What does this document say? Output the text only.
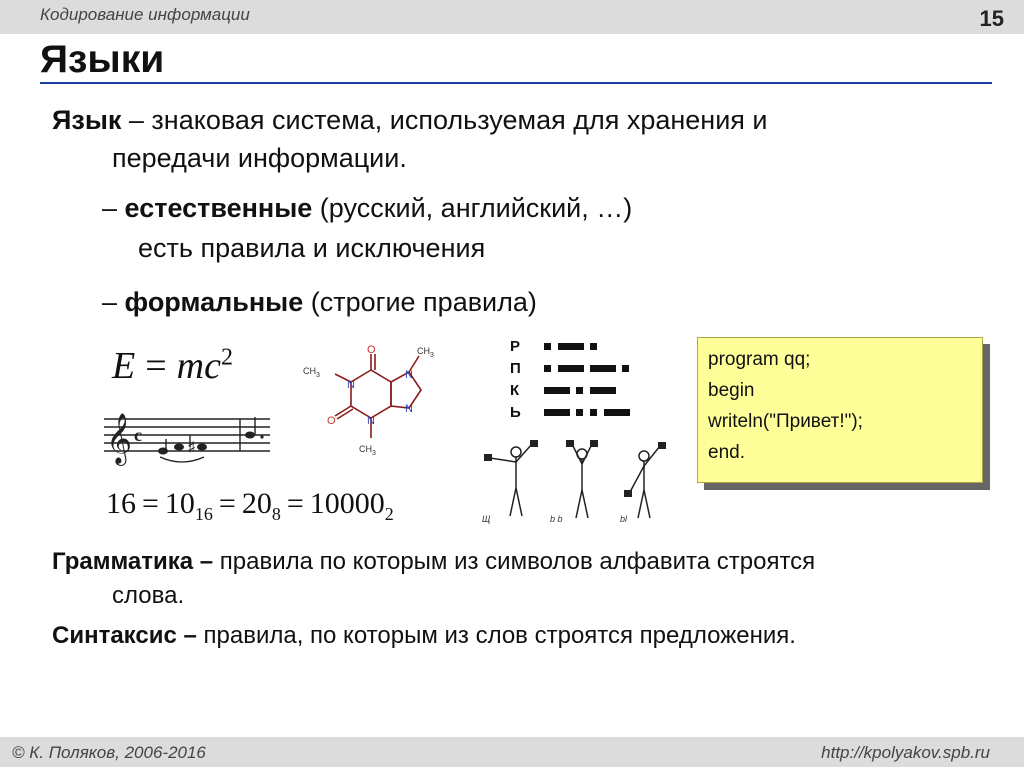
Кодирование информации	15
Языки

Язык – знаковая система, используемая для хранения и

передачи информации.

– естественные (русский, английский, …)

есть правила и исключения

– формальные (строгие правила)

$E = mc^2$
𝄞 c
♯
$16 = 10_{16} = 20_8 = 10000_2$
O
O
N
N
N
N
$CH_3$
$CH_3$
$CH_3$
Р
П
К
Ь
Щ	b b	bl
program qq;
begin
writeln("Привет!");
end.

Грамматика – правила по которым из символов алфавита строятся

слова.

Синтаксис – правила, по которым из слов строятся предложения.

© К. Поляков, 2006-2016	http://kpolyakov.spb.ru
